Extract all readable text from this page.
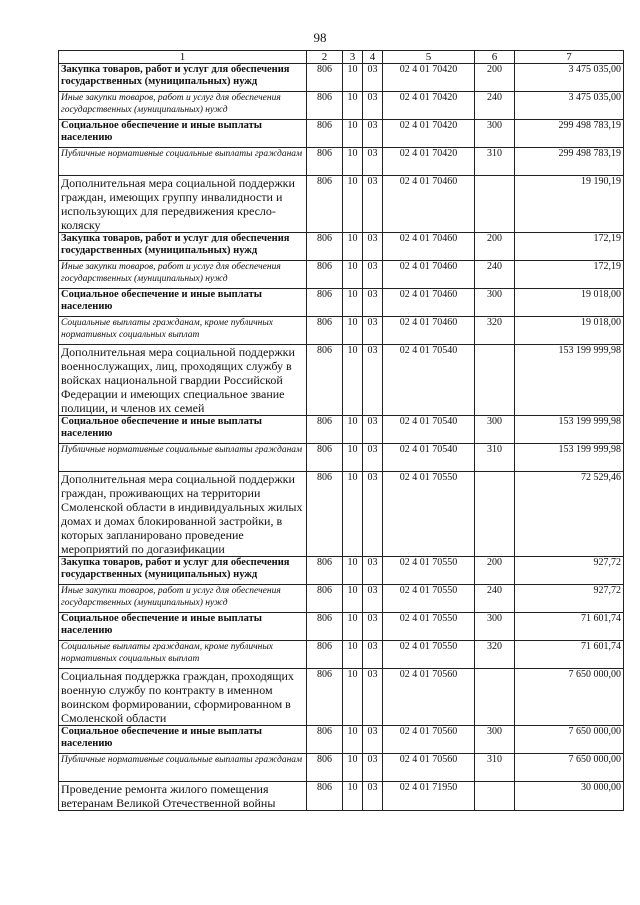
98
1	2	3	4	5	6	7
Закупка товаров, работ и услуг для обеспечения государственных (муниципальных) нужд	806	10	03	02 4 01 70420	200	3 475 035,00
Иные закупки товаров, работ и услуг для обеспечения государственных (муниципальных) нужд	806	10	03	02 4 01 70420	240	3 475 035,00
Социальное обеспечение и иные выплаты населению	806	10	03	02 4 01 70420	300	299 498 783,19
Публичные нормативные социальные выплаты гражданам	806	10	03	02 4 01 70420	310	299 498 783,19
Дополнительная мера социальной поддержки граждан, имеющих группу инвалидности и использующих для передвижения кресло-коляску	806	10	03	02 4 01 70460		19 190,19
Закупка товаров, работ и услуг для обеспечения государственных (муниципальных) нужд	806	10	03	02 4 01 70460	200	172,19
Иные закупки товаров, работ и услуг для обеспечения государственных (муниципальных) нужд	806	10	03	02 4 01 70460	240	172,19
Социальное обеспечение и иные выплаты населению	806	10	03	02 4 01 70460	300	19 018,00
Социальные выплаты гражданам, кроме публичных нормативных социальных выплат	806	10	03	02 4 01 70460	320	19 018,00
Дополнительная мера социальной поддержки военнослужащих, лиц, проходящих службу в войсках национальной гвардии Российской Федерации и имеющих специальное звание полиции, и членов их семей	806	10	03	02 4 01 70540		153 199 999,98
Социальное обеспечение и иные выплаты населению	806	10	03	02 4 01 70540	300	153 199 999,98
Публичные нормативные социальные выплаты гражданам	806	10	03	02 4 01 70540	310	153 199 999,98
Дополнительная мера социальной поддержки граждан, проживающих на территории Смоленской области в индивидуальных жилых домах и домах блокированной застройки, в которых запланировано проведение мероприятий по догазификации	806	10	03	02 4 01 70550		72 529,46
Закупка товаров, работ и услуг для обеспечения государственных (муниципальных) нужд	806	10	03	02 4 01 70550	200	927,72
Иные закупки товаров, работ и услуг для обеспечения государственных (муниципальных) нужд	806	10	03	02 4 01 70550	240	927,72
Социальное обеспечение и иные выплаты населению	806	10	03	02 4 01 70550	300	71 601,74
Социальные выплаты гражданам, кроме публичных нормативных социальных выплат	806	10	03	02 4 01 70550	320	71 601,74
Социальная поддержка граждан, проходящих военную службу по контракту в именном воинском формировании, сформированном в Смоленской области	806	10	03	02 4 01 70560		7 650 000,00
Социальное обеспечение и иные выплаты населению	806	10	03	02 4 01 70560	300	7 650 000,00
Публичные нормативные социальные выплаты гражданам	806	10	03	02 4 01 70560	310	7 650 000,00
Проведение ремонта жилого помещения ветеранам Великой Отечественной войны	806	10	03	02 4 01 71950		30 000,00
